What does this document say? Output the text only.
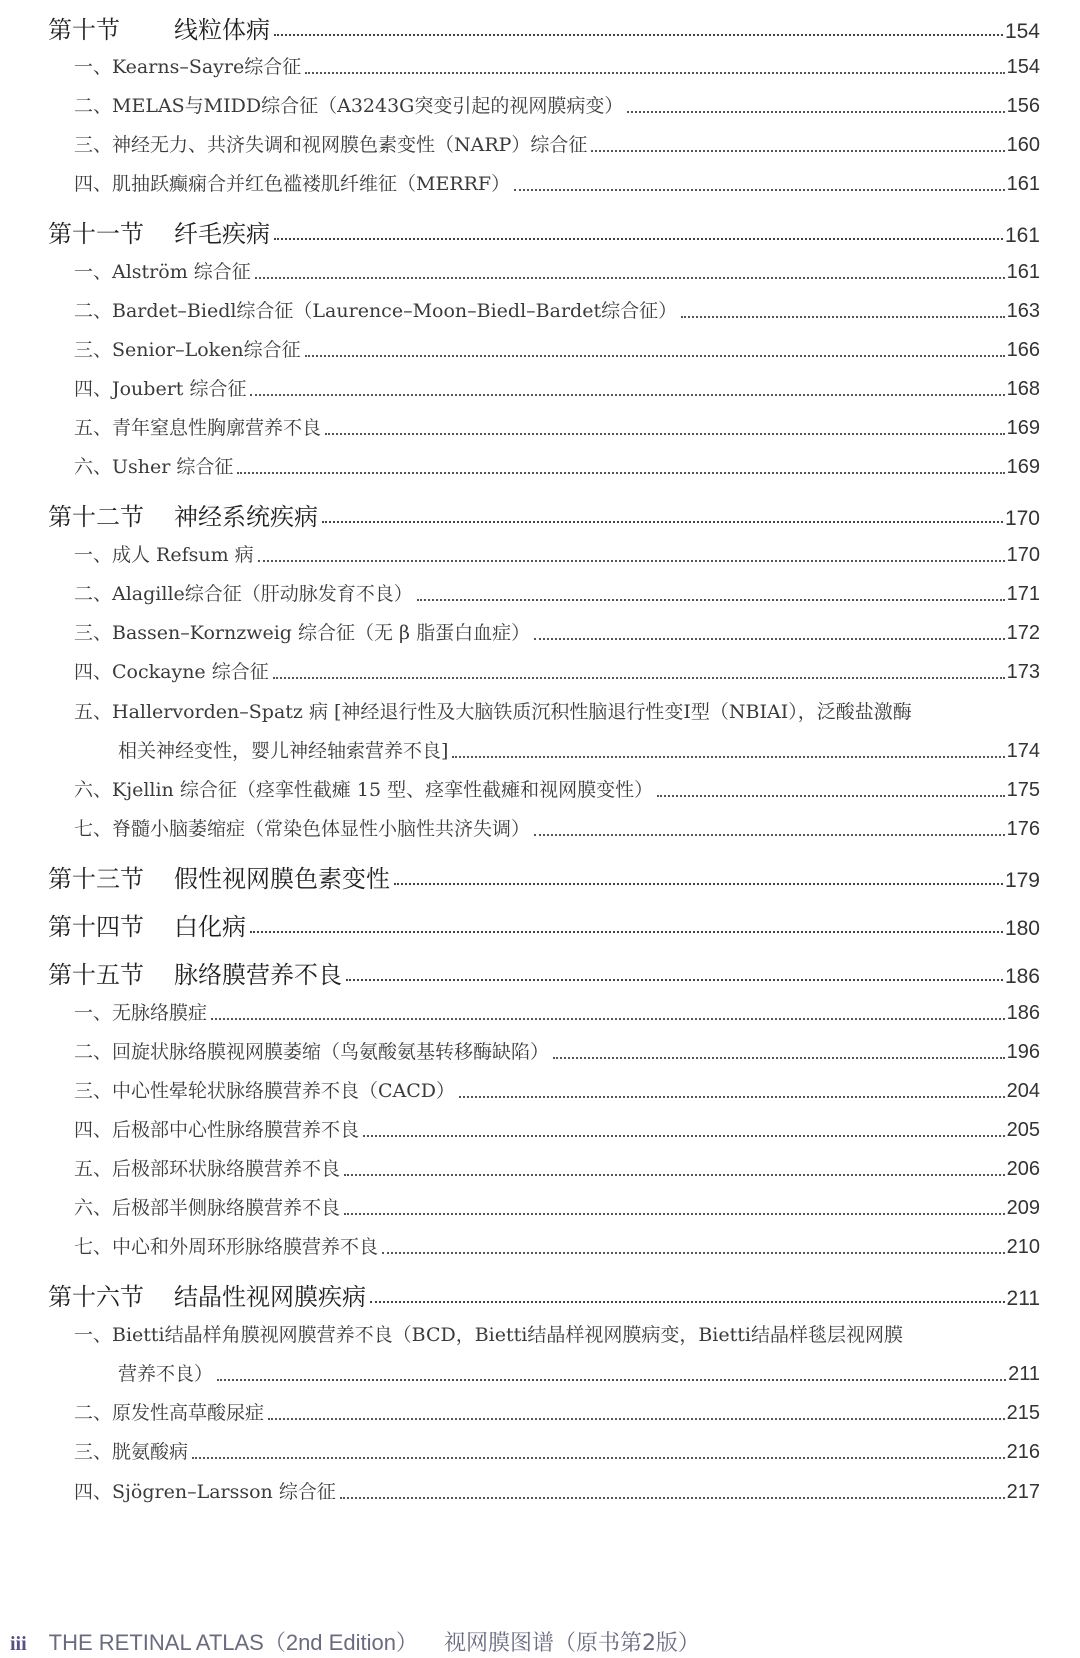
第十节	线粒体病	154
一、Kearns–Sayre综合征	154
二、MELAS与MIDD综合征（A3243G突变引起的视网膜病变）	156
三、神经无力、共济失调和视网膜色素变性（NARP）综合征	160
四、肌抽跃癫痫合并红色褴褛肌纤维征（MERRF）	161
第十一节	纤毛疾病	161
一、Alström 综合征	161
二、Bardet–Biedl综合征（Laurence–Moon–Biedl–Bardet综合征）	163
三、Senior–Loken综合征	166
四、Joubert 综合征	168
五、青年窒息性胸廓营养不良	169
六、Usher 综合征	169
第十二节	神经系统疾病	170
一、成人 Refsum 病	170
二、Alagille综合征（肝动脉发育不良）	171
三、Bassen–Kornzweig 综合征（无 β 脂蛋白血症）	172
四、Cockayne 综合征	173
五、Hallervorden–Spatz 病 [神经退行性及大脑铁质沉积性脑退行性变Ⅰ型（NBIAⅠ），泛酸盐激酶
相关神经变性，婴儿神经轴索营养不良]	174
六、Kjellin 综合征（痉挛性截瘫 15 型、痉挛性截瘫和视网膜变性）	175
七、脊髓小脑萎缩症（常染色体显性小脑性共济失调）	176
第十三节	假性视网膜色素变性	179
第十四节	白化病	180
第十五节	脉络膜营养不良	186
一、无脉络膜症	186
二、回旋状脉络膜视网膜萎缩（鸟氨酸氨基转移酶缺陷）	196
三、中心性晕轮状脉络膜营养不良（CACD）	204
四、后极部中心性脉络膜营养不良	205
五、后极部环状脉络膜营养不良	206
六、后极部半侧脉络膜营养不良	209
七、中心和外周环形脉络膜营养不良	210
第十六节	结晶性视网膜疾病	211
一、Bietti结晶样角膜视网膜营养不良（BCD，Bietti结晶样视网膜病变，Bietti结晶样毯层视网膜
营养不良）	211
二、原发性高草酸尿症	215
三、胱氨酸病	216
四、Sjögren–Larsson 综合征	217
iii THE RETINAL ATLAS（2nd Edition） 视网膜图谱（原书第2版）
